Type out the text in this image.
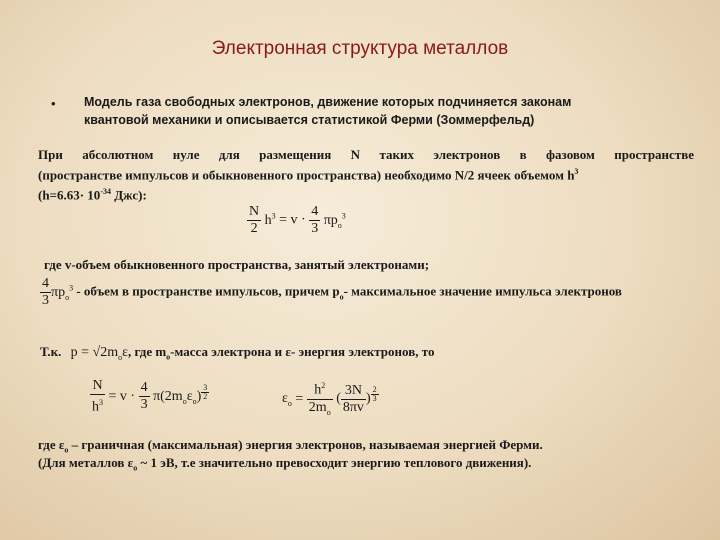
Электронная структура металлов
• Модель газа свободных электронов, движение которых подчиняется законам
квантовой механики и описывается статистикой Ферми (Зоммерфельд)
При абсолютном нуле для размещения N таких электронов в фазовом пространстве
(пространстве импульсов и обыкновенного пространства) необходимо N/2 ячеек объемом $h^3$
($h=6.63\cdot 10^{-34}$ Джс):
$\frac{N}{2} h^3 = v \cdot \frac{4}{3} \pi p_o^3$
где v-объем обыкновенного пространства, занятый электронами;
$\frac{4}{3} \pi p_o^3$ - объем в пространстве импульсов, причем $p_o-$ максимальное значение импульса электронов
Т.к. $p = √2m_o\varepsilon$, где $m_o$-масса электрона и ε- энергия электронов, то
$\frac{N}{h^3} = v \cdot \frac{4}{3} \pi(2m_o\varepsilon_o)$ $^{\frac{3}{2}}$	$\varepsilon_o = \frac{h^2}{2m_o}$ ( $\frac{3N}{8\pi v}$ ) $^{\frac{2}{3}}$
где $\varepsilon_o$ – граничная (максимальная) энергия электронов, называемая энергией Ферми.
(Для металлов $\varepsilon_o$ ~ 1 эВ, т.е значительно превосходит энергию теплового движения).
